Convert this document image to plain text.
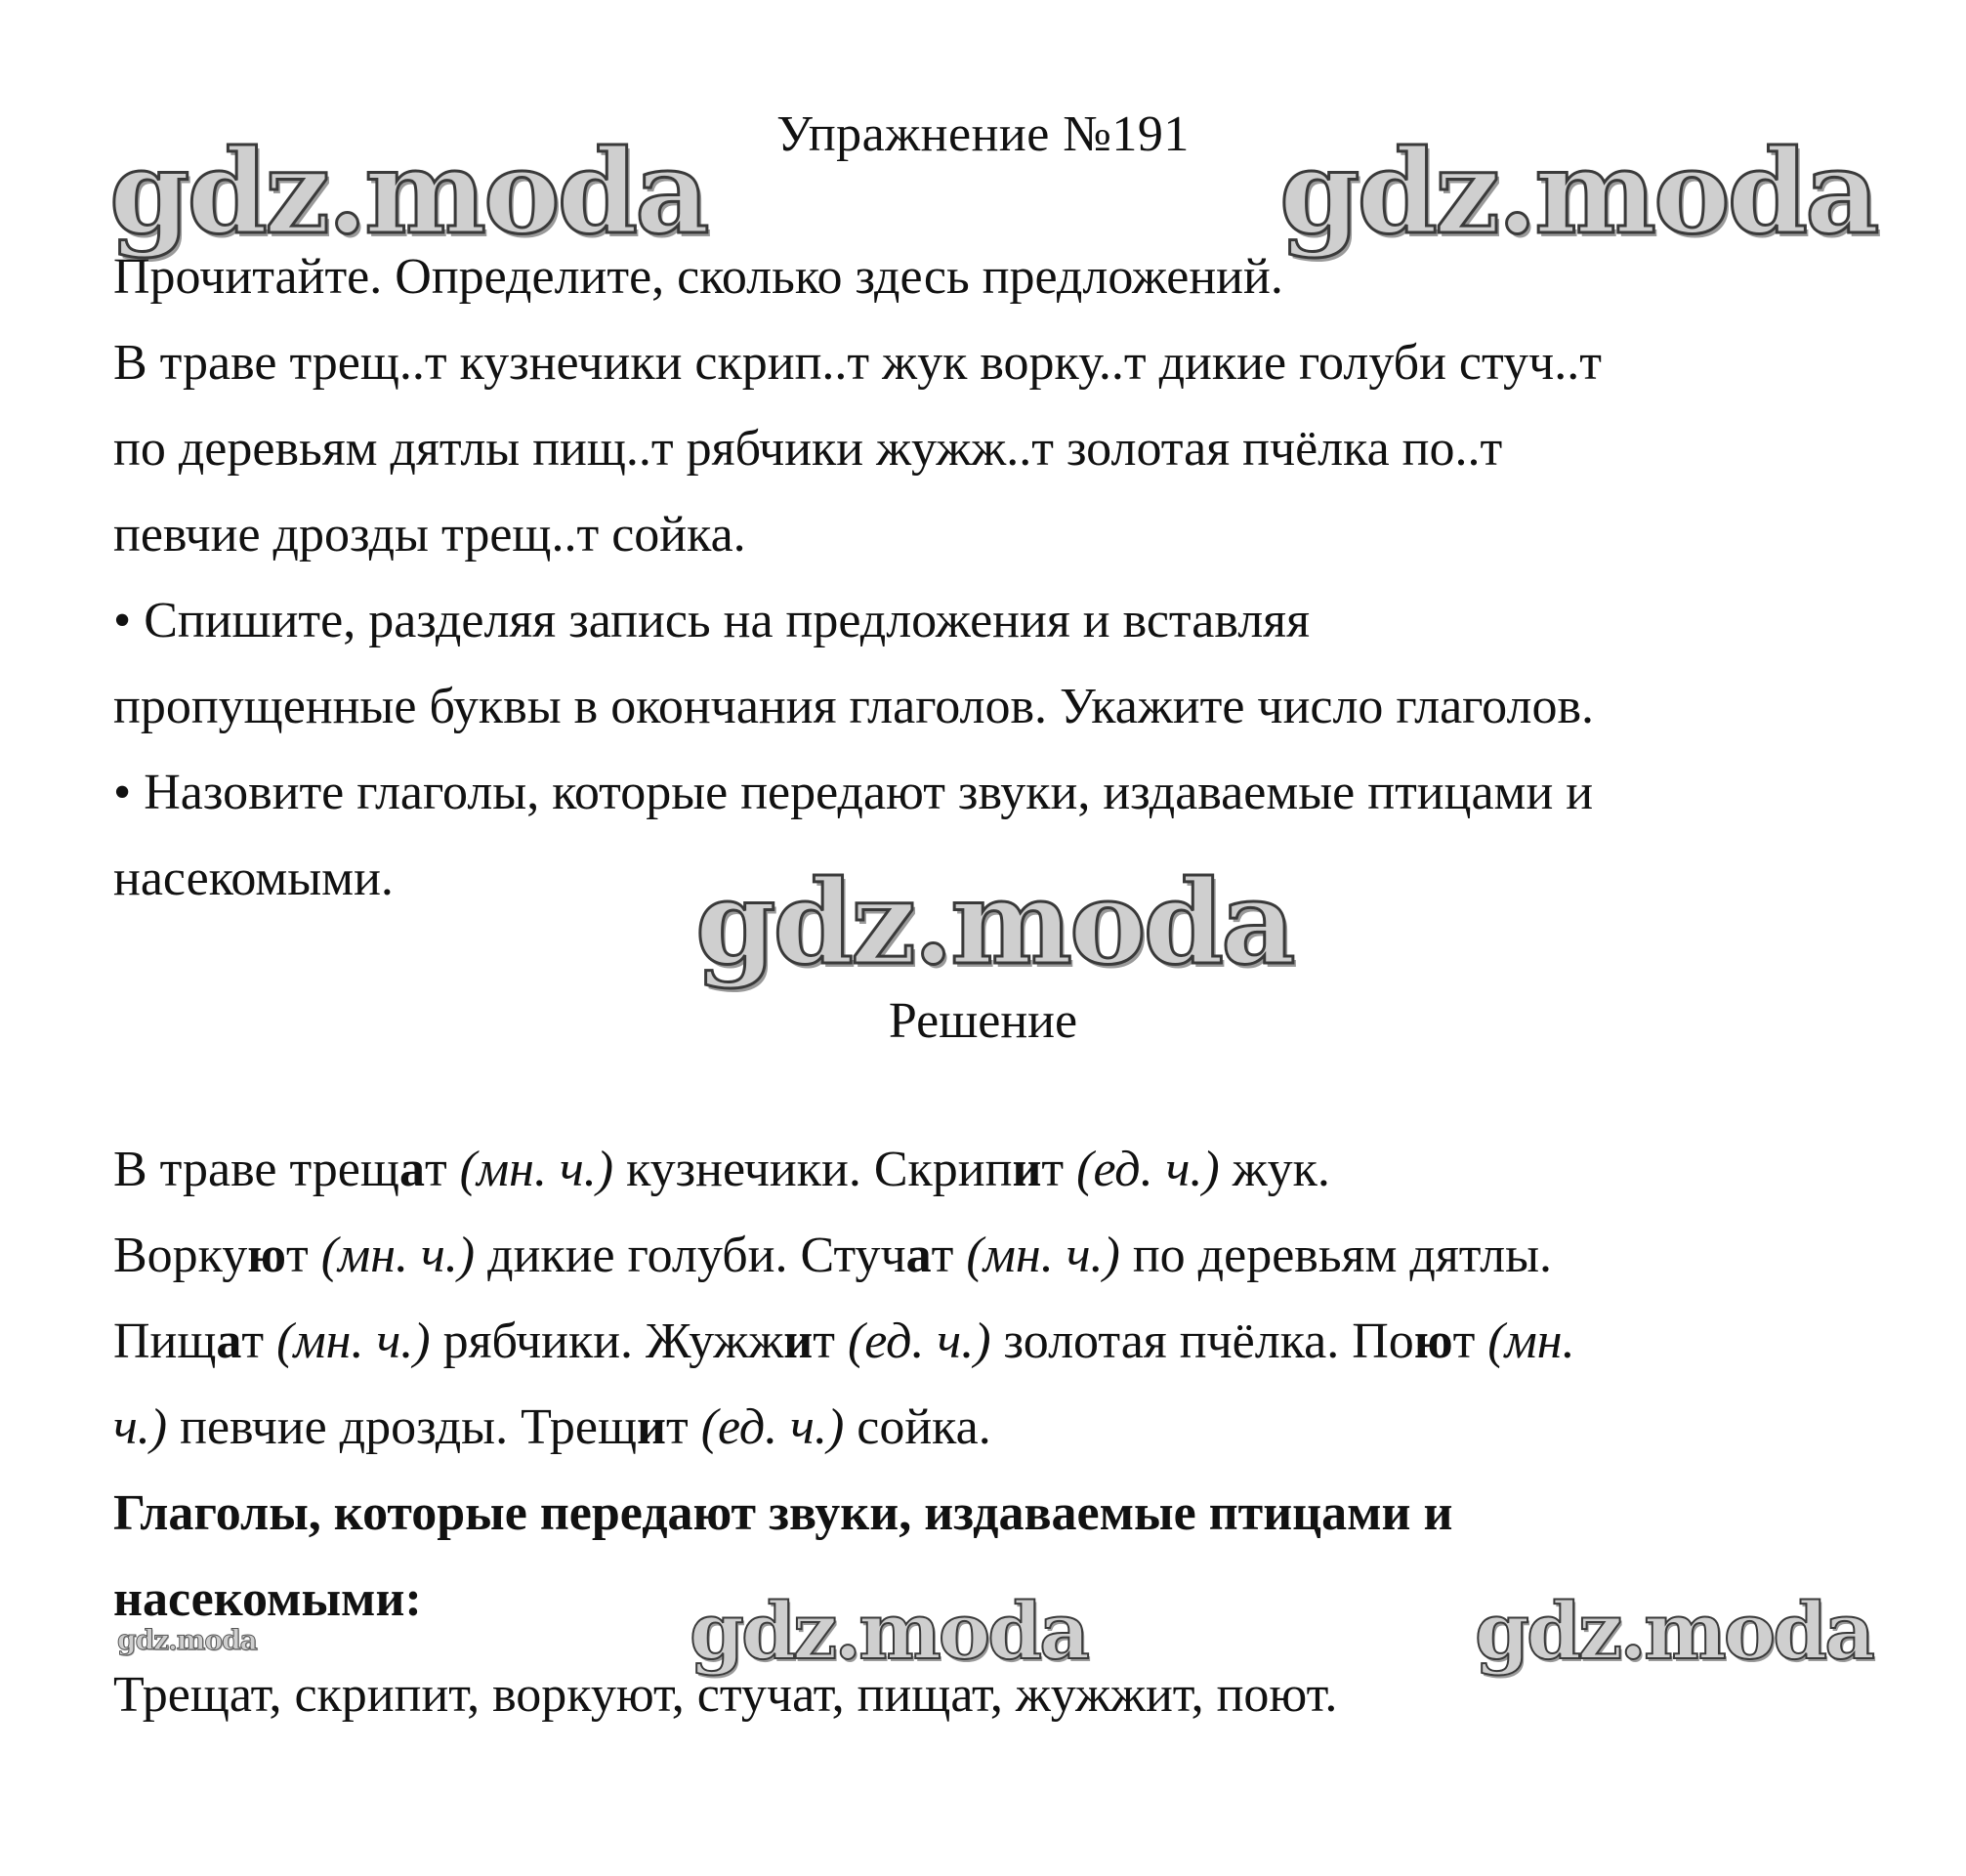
gdz.moda	gdz.moda
gdz.moda
gdz.moda	gdz.moda
gdz.moda
Упражнение №191
Прочитайте. Определите, сколько здесь предложений.
В траве трещ..т кузнечики скрип..т жук ворку..т дикие голуби стуч..т
по деревьям дятлы пищ..т рябчики жужж..т золотая пчёлка по..т
певчие дрозды трещ..т сойка.
• Спишите, разделяя запись на предложения и вставляя
пропущенные буквы в окончания глаголов. Укажите число глаголов.
• Назовите глаголы, которые передают звуки, издаваемые птицами и
насекомыми.
Решение
В траве трещат (мн. ч.) кузнечики. Скрипит (ед. ч.) жук.
Воркуют (мн. ч.) дикие голуби. Стучат (мн. ч.) по деревьям дятлы.
Пищат (мн. ч.) рябчики. Жужжит (ед. ч.) золотая пчёлка. Поют (мн.
ч.) певчие дрозды. Трещит (ед. ч.) сойка.
Глаголы, которые передают звуки, издаваемые птицами и
насекомыми:
Трещат, скрипит, воркуют, стучат, пищат, жужжит, поют.
